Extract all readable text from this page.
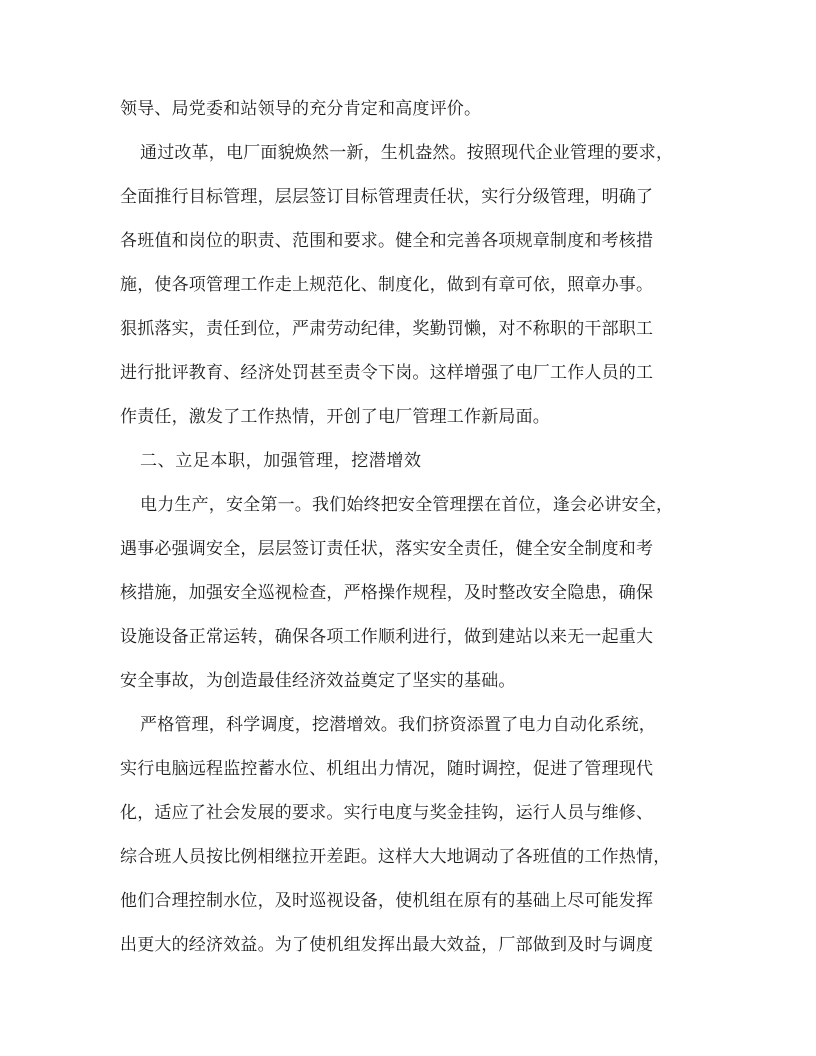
领导、局党委和站领导的充分肯定和高度评价。
通过改革，电厂面貌焕然一新，生机盎然。按照现代企业管理的要求，
全面推行目标管理，层层签订目标管理责任状，实行分级管理，明确了
各班值和岗位的职责、范围和要求。健全和完善各项规章制度和考核措
施，使各项管理工作走上规范化、制度化，做到有章可依，照章办事。
狠抓落实，责任到位，严肃劳动纪律，奖勤罚懒，对不称职的干部职工
进行批评教育、经济处罚甚至责令下岗。这样增强了电厂工作人员的工
作责任，激发了工作热情，开创了电厂管理工作新局面。
二、立足本职，加强管理，挖潜增效
电力生产，安全第一。我们始终把安全管理摆在首位，逢会必讲安全，
遇事必强调安全，层层签订责任状，落实安全责任，健全安全制度和考
核措施，加强安全巡视检查，严格操作规程，及时整改安全隐患，确保
设施设备正常运转，确保各项工作顺利进行，做到建站以来无一起重大
安全事故，为创造最佳经济效益奠定了坚实的基础。
严格管理，科学调度，挖潜增效。我们挤资添置了电力自动化系统，
实行电脑远程监控蓄水位、机组出力情况，随时调控，促进了管理现代
化，适应了社会发展的要求。实行电度与奖金挂钩，运行人员与维修、
综合班人员按比例相继拉开差距。这样大大地调动了各班值的工作热情，
他们合理控制水位，及时巡视设备，使机组在原有的基础上尽可能发挥
出更大的经济效益。为了使机组发挥出最大效益，厂部做到及时与调度
